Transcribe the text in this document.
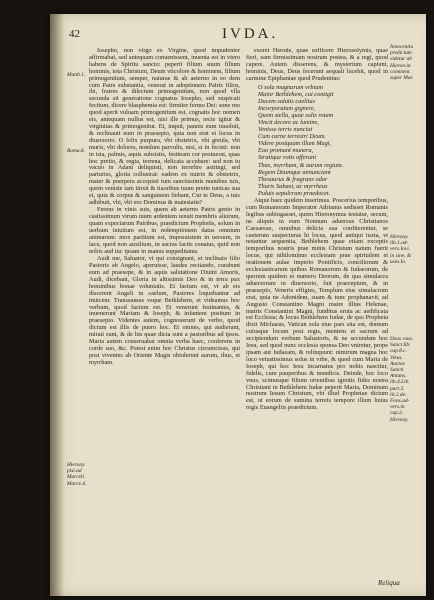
42	IVDA.
Matth.1.
Roma.8.
Hierony.
pisi.ad
Marcell.
Marce.4.
Innocentiu
predictum
videtur ab
Hieron.in
comment.
super Mat.
Hierony.
lib.1.ad-
vers.Iovi.
in sine, &
uses.Io.
Deus vsus.
Sanct.lib.
cap.8.c.
Vetus.
Auctor.
Sancti
Antuns.
lib.4.Lib.
part.3.
lit.2.de.
Fons.ad-
vers.in
cap.2.
Hierony.

Iosepho, non virgo ex Virgine, quod impudenter affirmabat, sed antequam conuenissent, inuenta est in vtero habens de Spiritu sancto: peperit filium suum filium hominis, tota Christum, Deum vticolore & hominem, filium primogenitum, semper, naturae & ab aeterno in eo dem cum Patre substantia, venerat in adoptionem Patris filios, ibi, fratres & dilectum primogenitum, non quod vlla secunda sit generatione cognatus Iosepho, sed suspicati fecitum, dicere blasphemia est: firmiter fermo Dei: sone mo quod aperit vuluam primogenitum est, cognatis hoc nomen eis, antequam nullus est, nisi ille primus, recte igitur & virginitas & primogenitur. Et, inquit, pannis eum inuoluit, & reclinauit eum in praesepio, quia non erat ei locus in diuersorio. O felix purpura, vbi obstetrix, vbi greula, vbi muris, vbi dolores, nondum parvulis, nisi, si in fecisti: non in ista, palmis, aquis subsistis, festinam cor postuerat, quas hoc pretio, & regia, terrena, delicata accubare: sed non tu vacuo in Adam deliquisti, non terreftre astringi, sed parturiss, gloria collustrat: eadem ex nutrix & obstetrix, mater & puerpera accepisti tum sanctissimis manibus tuis, quem veniste iam tinxit & tiaoribus tuum pretio tunicas sua et, quia & corpus & sanguinem fiebant, Cur te Deus, a tuis adhibuit, vbi, vbi ero Dominus & maiestatis?

Ferens in vinis suis, quem ab aeterno Patris genio in castissimum virum tuum ardentem tenuit membris aliorum, quam expectarum Patribus, praedictum Prophetis, solum in uerbum intuitum est, in redemptionem datus omnium animarum: mox partitum est, imposuistem in uersum, in lacu, quod non auxilium, in sacras factis conatus, quid non nobis aud ita: ipsam in manus suppeditatus.

Audi me, Saluator, vt qui consignant, et inclinato filio Pastoris ab Angelo, aperuisse, laudes recitando, curabunt eum ad praesepe, & in aquis salutatione Diuini Amoris, Audi, dicebant, Gloria in altissimis Deo & in terra pax hominibus bonae voluntatis. Et factum est, vt ab eis discerent Angeli in caelum, Pastores loquebantur ad inuicem: Transeamus vsque Bethlehem, et videamus hoc verbum, quod factum est. Et venerunt festinantes, & inuenerunt Mariam & Ioseph, & infantem positum in praesepio. Videntes autem, cognouerunt de verbo, quod dictum est illis de puero hoc. Et omnes, qui audierant, mirati sunt, & de his quae dicta sunt a pastoribus ad ipsos. Maria autem conseruabat omnia verba haec, conferens in corde suo, &c. Potest enim hoc Christus circumcisus, qui post viventes ab Oriente Magis obtulerunt aurum, thus, et myrrham.

exeret Herode, quae sufficere Hierosolymis, quae fieri, eam firmissimam nostram postea, & a regi, quod capere. Autem disserens, & mysterium capiunt, hominis, Deus, Deus fecerunt aequali lucebit, quod in carmine Epiphaniae quod Prudentius:

O sola magnarum vrbium
Maior Bethlehem, cui contigit
Ducem salutis caelitus
Incorporatum gignere,
Quem stella, quae solis rotam
Vincit decore ac lumine,
Venisse terris nunciat
Cum carne terrestri Deum.
Videre postquam illum Magi,
Eoa promunt munera,
Stratique votis offerunt
Thus, myrrham, & aurum regium.
Regem Deumque annunciant
Thesaurus & fragrans odor
Thuris Sabaei, ac myrrheus
Puluis sepulcrum praedocet.

Atque haec quidem inserimus. Poscerius temporibus, cum Romanoram Imperator Adrianus sedisset Romanis legibus subiugasset, quem Hieronymus testatur, secum, ne aliquis in eum Nonnum aduersus Christianos Caesareae, omnibus delicta sua confiterentur, se caeterum suspecturas hi locus, quod antiqui iuxta, vt notantur sequentia, Bethlehem quae etiam exceptis temporibus nostris prae minis Christum natum fuerit locus, qui nihilominus ecclesiam prae spiritalem et orationem aulae imperio Pontificis, conciliorum & ecclesiasticarum quibus Romanorum & Iudaeorum, de quorum quidem et numero Deorum, de qua simulacra aduersorum in diuersorio, fuit praeceptum, & in praesepio, Veneris effigies, Templum eius simulacrum erat, quia ne Adonidem, suam & tunc prophanavit, ad Augusto Constantino Magni matre illius Helenae, matris Constantini Magni, funditus eruta ac aedificata est Ecclesia; & locus Bethlehem Iudae, de quo Propheta dixit Michaeas, Vatican sola eius pars sita est, domum cuiusque locum post regis, mentem et sacrum ad accipiendum verbum Saluatoris, & ne secundam hoc Iesu, sed quod nunc ecclesia sponsa Deo vniretur, prope ipsam aut Iudaeam, & relinquunt: nimirum magna hoc loco vetustissimus solus in vrbe, & quod cum Maria de Ioseph, qui hoc Iesu incarnatus pro nobis nascitur, fidelis, cum pauperibus & mendicis. Deinde, hoc loco vnus, scimusque filium orientibus ignotis fides nostra Christiani in Bethlehem Iudae peperit Maria, Dominum nostrum Iesum Christum, vbi illud Prophetae dictum est, ut eorum de sumina terreis tempore illum huius regis Euangeliis praedictum.

Reliqua
